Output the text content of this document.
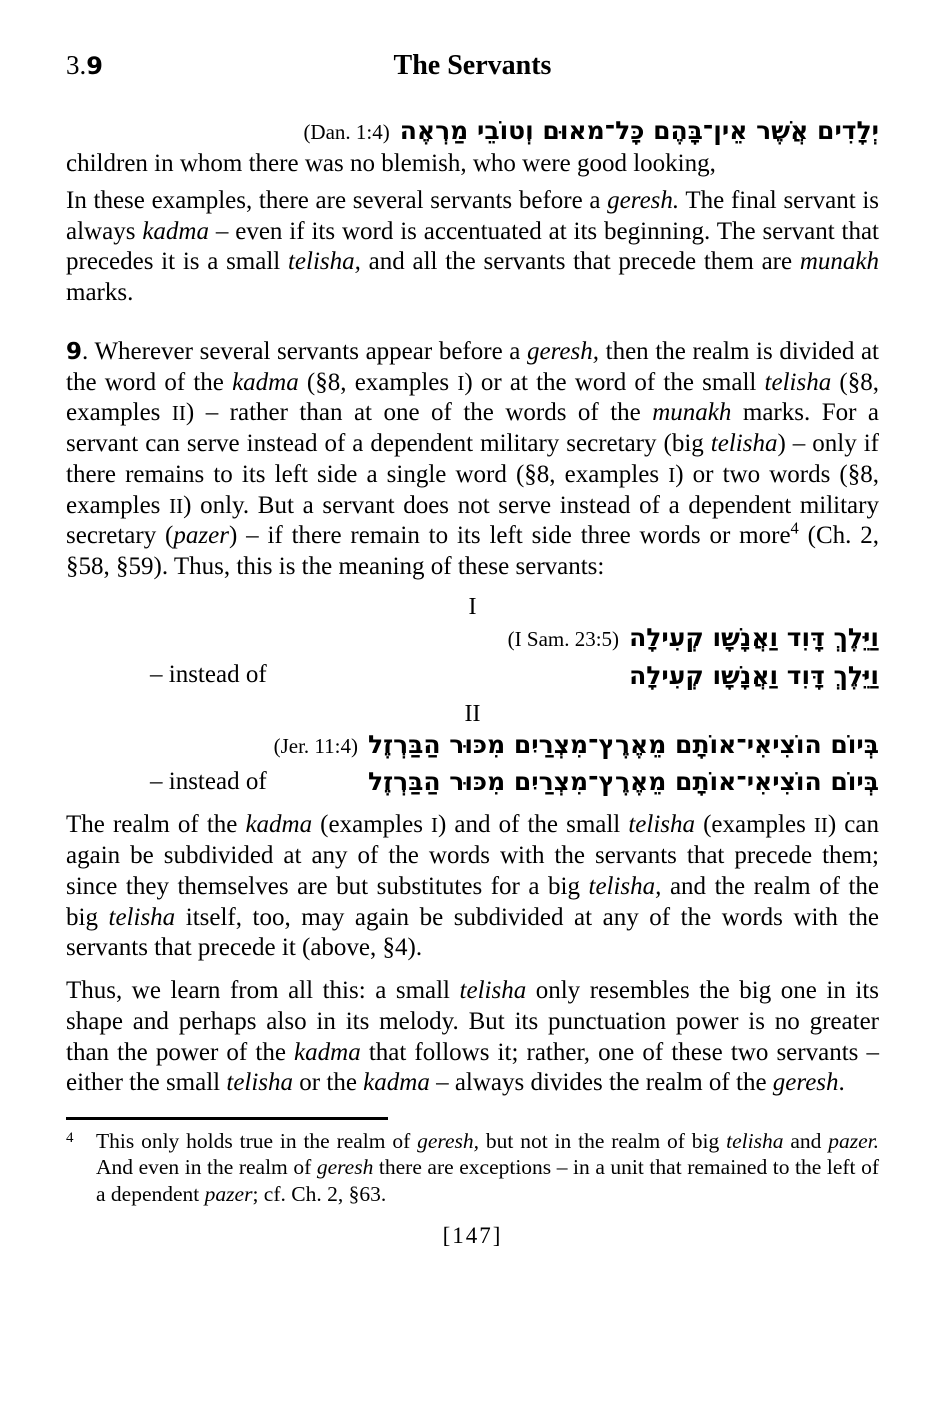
3.9	The Servants
(Dan. 1:4) יְלָדִים אֲשֶׁר אֵין־בָּהֶם כָּל־מאוּם וְטוֹבֵי מַרְאֶה
children in whom there was no blemish, who were good looking,

In these examples, there are several servants before a geresh. The final servant is always kadma – even if its word is accentuated at its beginning. The servant that precedes it is a small telisha, and all the servants that precede them are munakh marks.

9. Wherever several servants appear before a geresh, then the realm is divided at the word of the kadma (§8, examples I) or at the word of the small telisha (§8, examples II) – rather than at one of the words of the munakh marks. For a servant can serve instead of a dependent military secretary (big telisha) – only if there remains to its left side a single word (§8, examples I) or two words (§8, examples II) only. But a servant does not serve instead of a dependent military secretary (pazer) – if there remain to its left side three words or more$^4$ (Ch. 2, §58, §59). Thus, this is the meaning of these servants:

I
(I Sam. 23:5) וַיֵּלֶךְ דָּוִד וַאֲנָשָׁו קְעִילָה
– instead of	וַיֵּלֶךְ דָּוִד וַאֲנָשָׁו קְעִילָה
II
(Jer. 11:4) בְּיוֹם הוֹצִיאִי־אוֹתָם מֵאֶרֶץ־מִצְרַיִם מִכּוּר הַבַּרְזֶל
– instead of	בְּיוֹם הוֹצִיאִי־אוֹתָם מֵאֶרֶץ־מִצְרַיִם מִכּוּר הַבַּרְזֶל

The realm of the kadma (examples I) and of the small telisha (examples II) can again be subdivided at any of the words with the servants that precede them; since they themselves are but substitutes for a big telisha, and the realm of the big telisha itself, too, may again be subdivided at any of the words with the servants that precede it (above, §4).

Thus, we learn from all this: a small telisha only resembles the big one in its shape and perhaps also in its melody. But its punctuation power is no greater than the power of the kadma that follows it; rather, one of these two servants – either the small telisha or the kadma – always divides the realm of the geresh.

4	This only holds true in the realm of geresh, but not in the realm of big telisha and pazer. And even in the realm of geresh there are exceptions – in a unit that remained to the left of a dependent pazer; cf. Ch. 2, §63.
[147]
